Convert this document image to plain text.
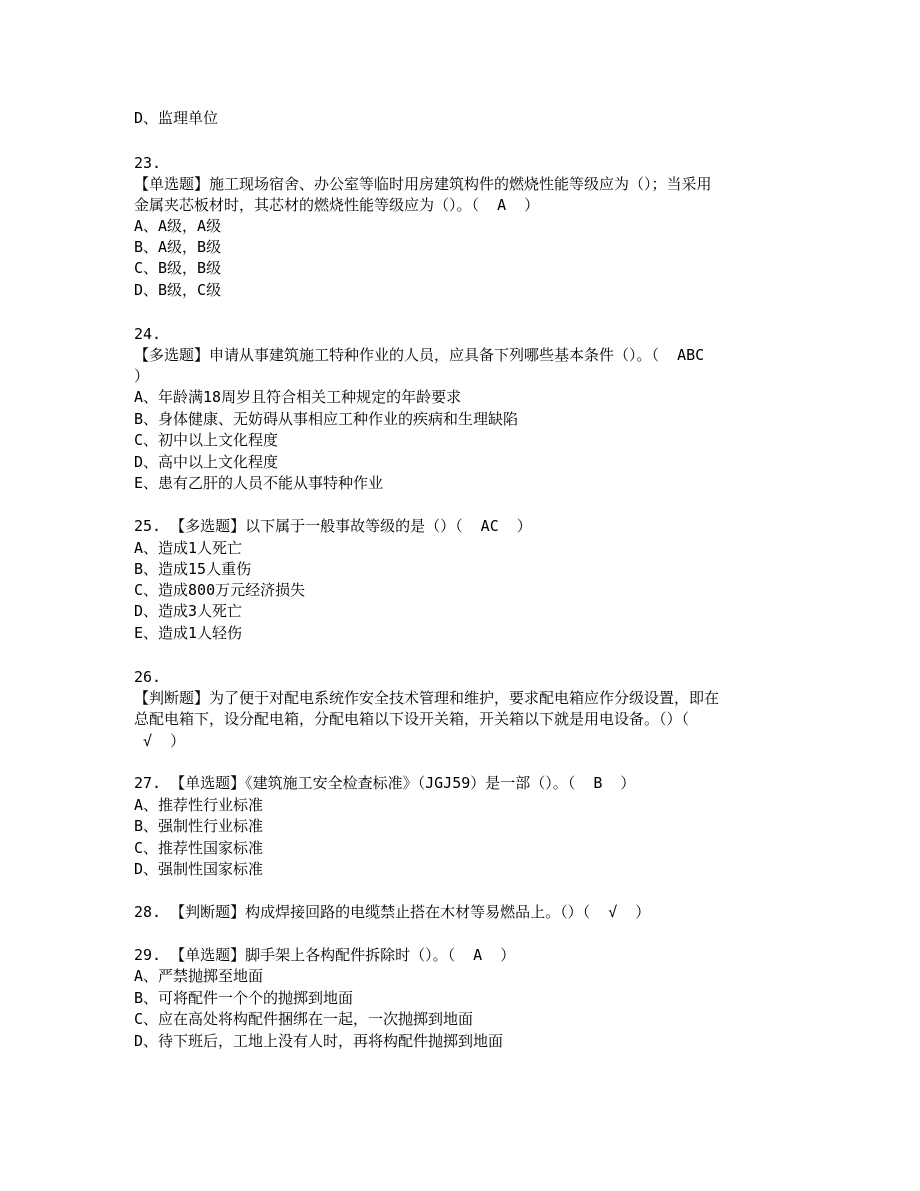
D、监理单位
23.
【单选题】施工现场宿舍、办公室等临时用房建筑构件的燃烧性能等级应为（）；当采用
金属夹芯板材时，其芯材的燃烧性能等级应为（）。（  A  ）
A、A级，A级
B、A级，B级
C、B级，B级
D、B级，C级
24.
【多选题】申请从事建筑施工特种作业的人员，应具备下列哪些基本条件（）。（  ABC
）
A、年龄满18周岁且符合相关工种规定的年龄要求
B、身体健康、无妨碍从事相应工种作业的疾病和生理缺陷
C、初中以上文化程度
D、高中以上文化程度
E、患有乙肝的人员不能从事特种作业
25. 【多选题】以下属于一般事故等级的是（）（  AC  ）
A、造成1人死亡
B、造成15人重伤
C、造成800万元经济损失
D、造成3人死亡
E、造成1人轻伤
26.
【判断题】为了便于对配电系统作安全技术管理和维护，要求配电箱应作分级设置，即在
总配电箱下，设分配电箱，分配电箱以下设开关箱，开关箱以下就是用电设备。（）（
√  ）
27. 【单选题】《建筑施工安全检查标准》（JGJ59）是一部（）。（  B  ）
A、推荐性行业标准
B、强制性行业标准
C、推荐性国家标准
D、强制性国家标准
28. 【判断题】构成焊接回路的电缆禁止搭在木材等易燃品上。（）（  √  ）
29. 【单选题】脚手架上各构配件拆除时（）。（  A  ）
A、严禁抛掷至地面
B、可将配件一个个的抛掷到地面
C、应在高处将构配件捆绑在一起，一次抛掷到地面
D、待下班后，工地上没有人时，再将构配件抛掷到地面
